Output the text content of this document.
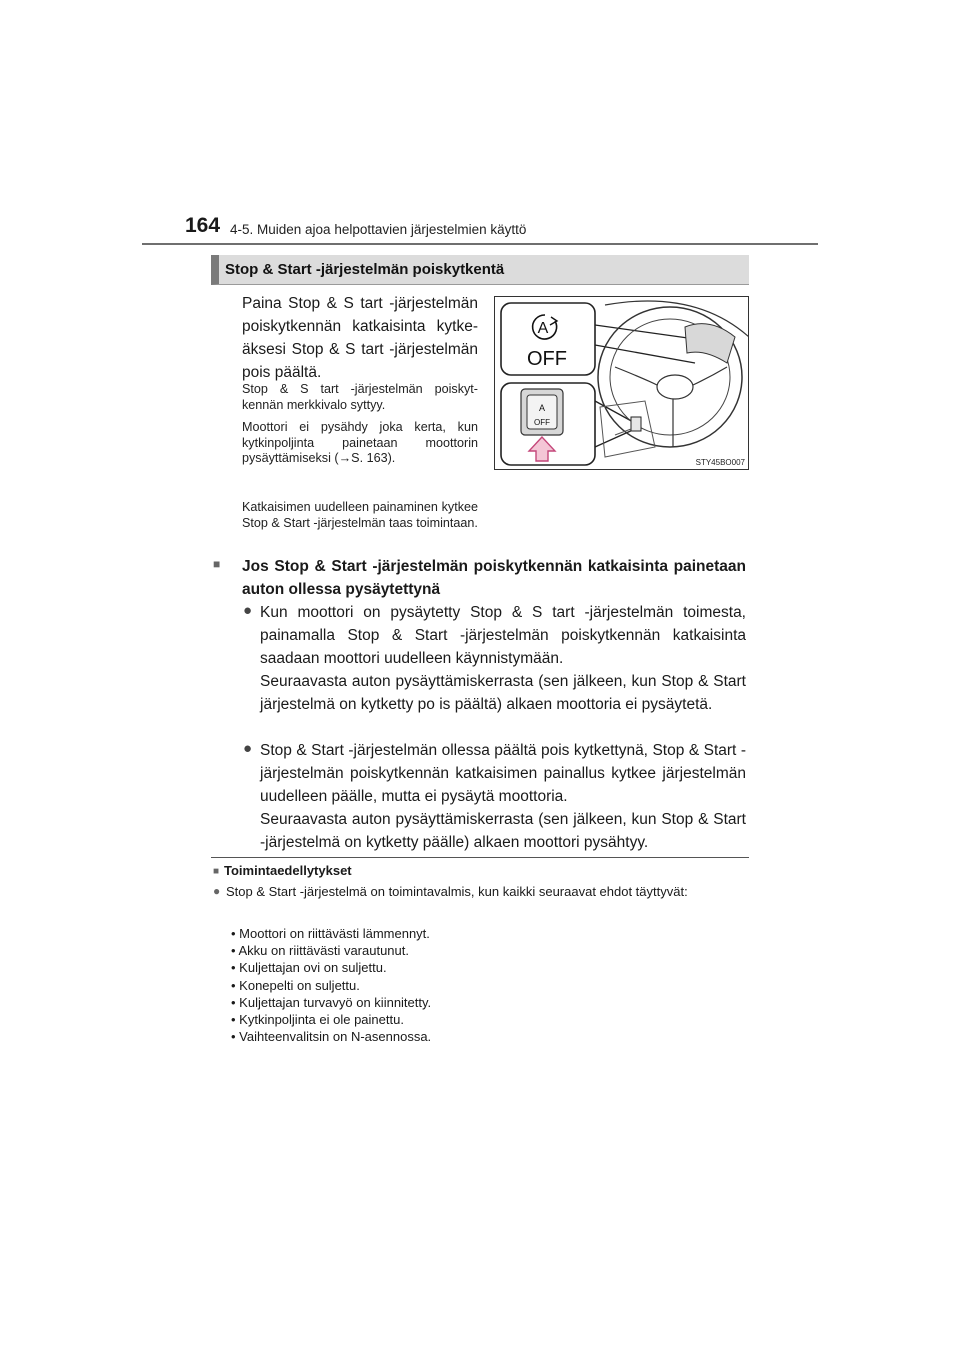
164 4-5. Muiden ajoa helpottavien järjestelmien käyttö
Stop & Start -järjestelmän poiskytkentä
Paina Stop & S tart -järjestelmän poiskytkennän katkaisinta kytke- äksesi Stop & S tart -järjestelmän pois päältä.
Stop & S tart -järjestelmän poiskyt- kennän merkkivalo syttyy.
Moottori ei pysähdy joka kerta, kun kytkinpoljinta painetaan moottorin pysäyttämiseksi (→S. 163).
Katkaisimen uudelleen painaminen kytkee Stop & Start -järjestelmän taas toimintaan.
A
OFF
A
OFF
STY45BO007
■ Jos Stop & Start -järjestelmän poiskytkennän katkaisinta painetaan auton ollessa pysäytettynä
● Kun moottori on pysäytetty Stop & S tart -järjestelmän toimesta, painamalla Stop & Start -järjestelmän poiskytkennän katkaisinta saadaan moottori uudelleen käynnistymään.
Seuraavasta auton pysäyttämiskerrasta (sen jälkeen, kun Stop & Start järjestelmä on kytketty po is päältä) alkaen moottoria ei pysäytetä.
● Stop & Start -järjestelmän ollessa päältä pois kytkettynä, Stop & Start -järjestelmän poiskytkennän katkaisimen painallus kytkee järjestelmän uudelleen päälle, mutta ei pysäytä moottoria.
Seuraavasta auton pysäyttämiskerrasta (sen jälkeen, kun Stop & Start -järjestelmä on kytketty päälle) alkaen moottori pysähtyy.
■ Toimintaedellytykset
● Stop & Start -järjestelmä on toimintavalmis, kun kaikki seuraavat ehdot täyttyvät:
• Moottori on riittävästi lämmennyt.
• Akku on riittävästi varautunut.
• Kuljettajan ovi on suljettu.
• Konepelti on suljettu.
• Kuljettajan turvavyö on kiinnitetty.
• Kytkinpoljinta ei ole painettu.
• Vaihteenvalitsin on N-asennossa.
